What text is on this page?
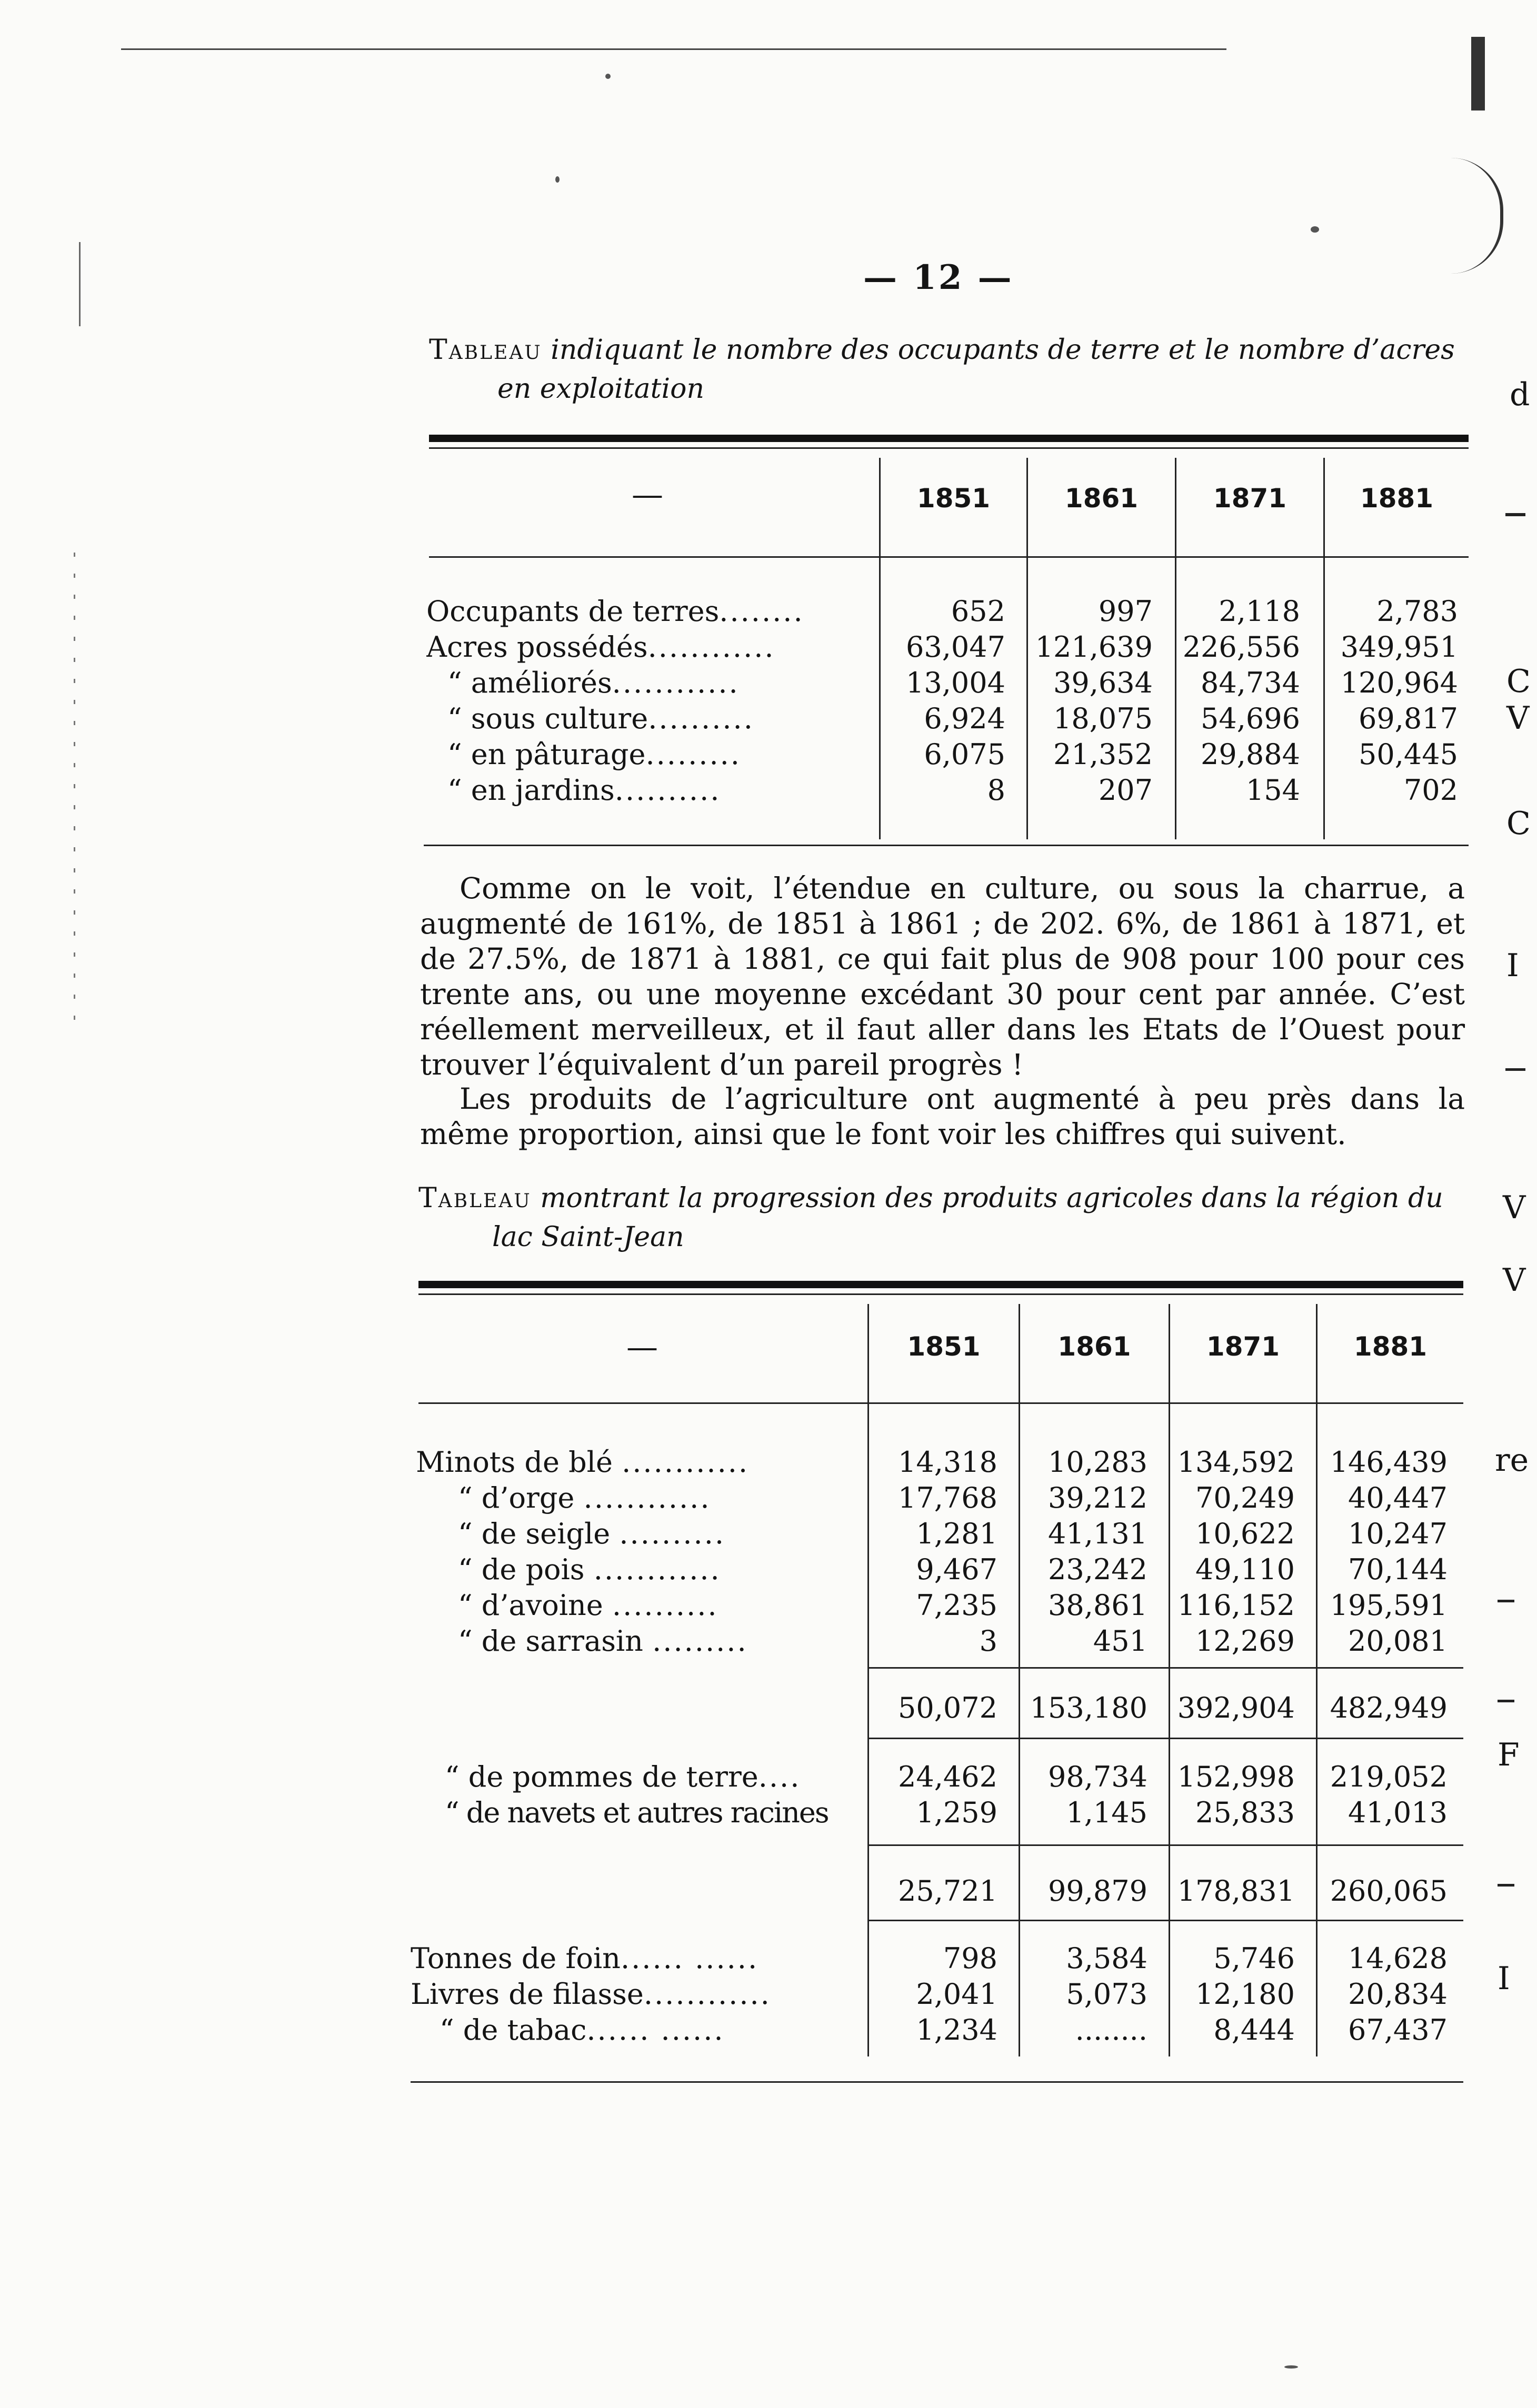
— 12 —
Tableau indiquant le nombre des occupants de terre et le nombre d’acres
en exploitation
—	1851	1861	1871	1881
Occupants de terres........	652	997	2,118	2,783
Acres possédés............	63,047	121,639	226,556	349,951
“ améliorés............	13,004	39,634	84,734	120,964
“ sous culture..........	6,924	18,075	54,696	69,817
“ en pâturage.........	6,075	21,352	29,884	50,445
“ en jardins..........	8	207	154	702
Comme on le voit, l’étendue en culture, ou sous la charrue, a augmenté de 161%, de 1851 à 1861 ; de 202. 6%, de 1861 à 1871, et de 27.5%, de 1871 à 1881, ce qui fait plus de 908 pour 100 pour ces trente ans, ou une moyenne excédant 30 pour cent par année. C’est réellement merveilleux, et il faut aller dans les Etats de l’Ouest pour trouver l’équivalent d’un pareil progrès !
Les produits de l’agriculture ont augmenté à peu près dans la même proportion, ainsi que le font voir les chiffres qui suivent.
Tableau montrant la progression des produits agricoles dans la région du
lac Saint-Jean
—	1851	1861	1871	1881
Minots de blé ............	14,318	10,283	134,592	146,439
“ d’orge ............	17,768	39,212	70,249	40,447
“ de seigle ..........	1,281	41,131	10,622	10,247
“ de pois ............	9,467	23,242	49,110	70,144
“ d’avoine ..........	7,235	38,861	116,152	195,591
“ de sarrasin .........	3	451	12,269	20,081
50,072	153,180	392,904	482,949
“ de pommes de terre....	24,462	98,734	152,998	219,052
“ de navets et autres racines	1,259	1,145	25,833	41,013
25,721	99,879	178,831	260,065
Tonnes de foin...... ......	798	3,584	5,746	14,628
Livres de filasse............	2,041	5,073	12,180	20,834
“ de tabac...... ......	1,234	........	8,444	67,437
d
C
V
C
I
V
V
re
F
I
